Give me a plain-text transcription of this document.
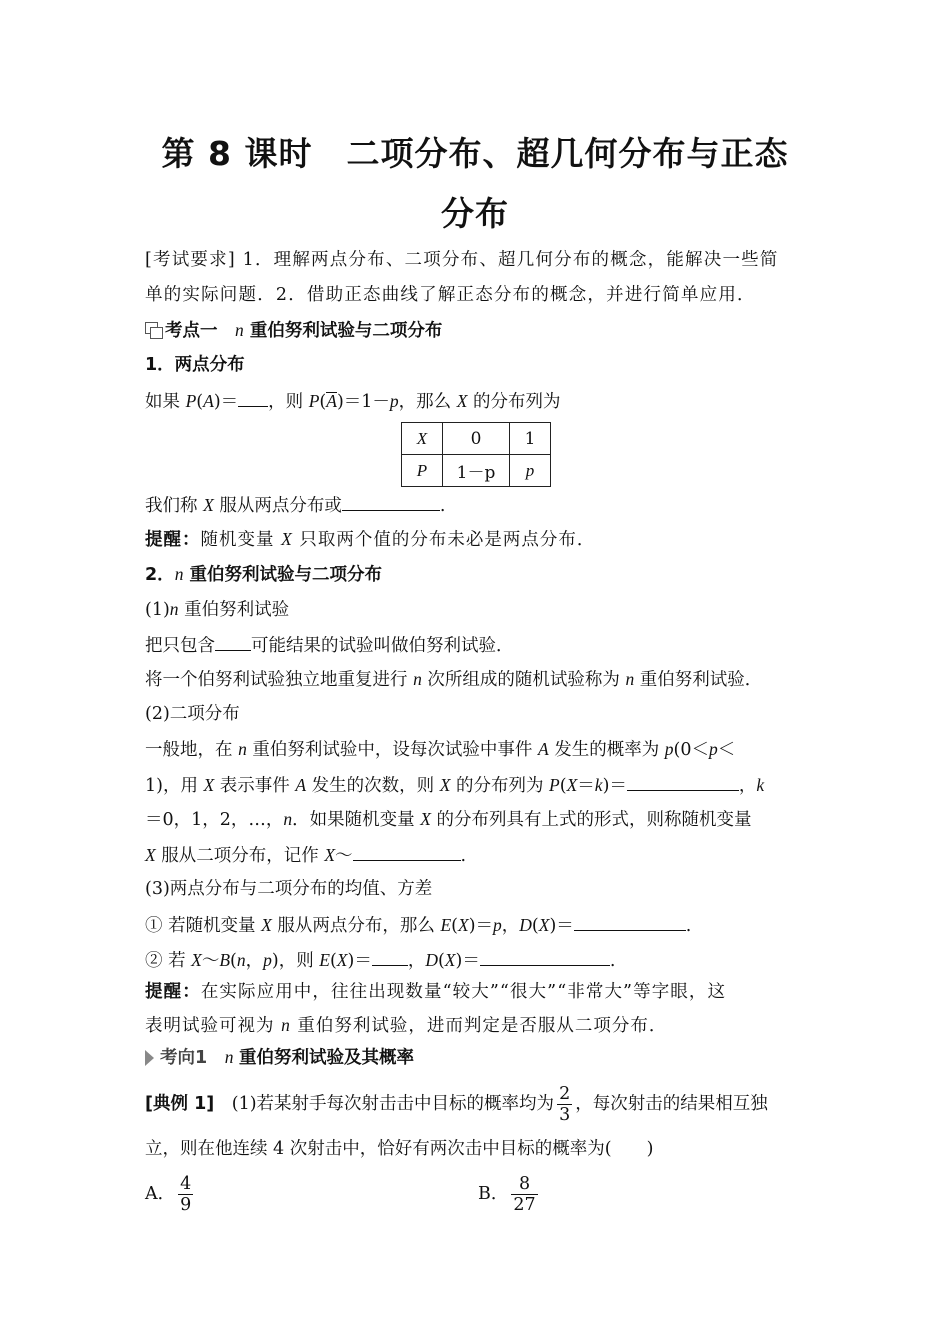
第 8 课时　二项分布、超几何分布与正态
分布
[考试要求] 1．理解两点分布、二项分布、超几何分布的概念，能解决一些简
单的实际问题．2．借助正态曲线了解正态分布的概念，并进行简单应用．
考点一　 n 重伯努利试验与二项分布
1．两点分布
如果 P(A)＝ ，则 P(A)＝1－p，那么 X 的分布列为
X	0	1
P	1－p	p
我们称 X 服从两点分布或	.
提醒：随机变量 X 只取两个值的分布未必是两点分布．
2．n 重伯努利试验与二项分布
(1)n 重伯努利试验
把只包含 可能结果的试验叫做伯努利试验．
将一个伯努利试验独立地重复进行 n 次所组成的随机试验称为 n 重伯努利试验．
(2)二项分布
一般地，在 n 重伯努利试验中，设每次试验中事件 A 发生的概率为 p(0＜p＜
1)，用 X 表示事件 A 发生的次数，则 X 的分布列为 P(X＝k)＝	，k
＝0，1，2，…，n．如果随机变量 X 的分布列具有上式的形式，则称随机变量
X 服从二项分布，记作 X～	.
(3)两点分布与二项分布的均值、方差
① 若随机变量 X 服从两点分布，那么 E(X)＝p，D(X)＝	.
② 若 X～B(n，p)，则 E(X)＝ ，D(X)＝	.
提醒：在实际应用中，往往出现数量“较大”“很大”“非常大”等字眼，这
表明试验可视为 n 重伯努利试验，进而判定是否服从二项分布．
考向1　 n 重伯努利试验及其概率
[典例 1]　(1)若某射手每次射击击中目标的概率均为 $\frac{2}{3}$ ，每次射击的结果相互独
立，则在他连续 4 次射击中，恰好有两次击中目标的概率为(　　)
A． $\frac{4}{9}$	B． $\frac{8}{27}$
